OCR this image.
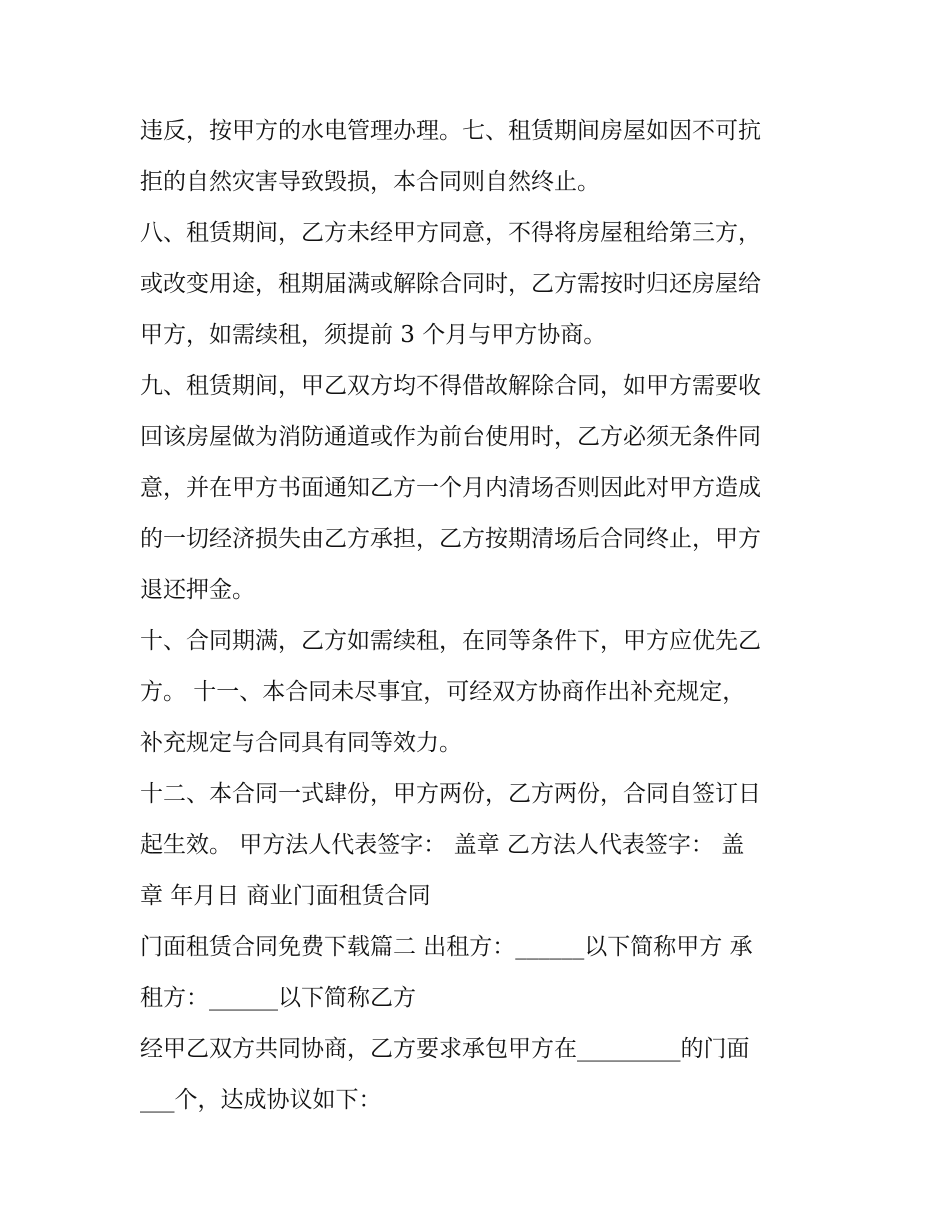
违反，按甲方的水电管理办理。七、租赁期间房屋如因不可抗
拒的自然灾害导致毁损，本合同则自然终止。
八、租赁期间，乙方未经甲方同意，不得将房屋租给第三方，
或改变用途，租期届满或解除合同时，乙方需按时归还房屋给
甲方，如需续租，须提前 3 个月与甲方协商。
九、租赁期间，甲乙双方均不得借故解除合同，如甲方需要收
回该房屋做为消防通道或作为前台使用时，乙方必须无条件同
意，并在甲方书面通知乙方一个月内清场否则因此对甲方造成
的一切经济损失由乙方承担，乙方按期清场后合同终止，甲方
退还押金。
十、合同期满，乙方如需续租，在同等条件下，甲方应优先乙
方。 十一、本合同未尽事宜，可经双方协商作出补充规定，
补充规定与合同具有同等效力。
十二、本合同一式肆份，甲方两份，乙方两份，合同自签订日
起生效。 甲方法人代表签字： 盖章 乙方法人代表签字： 盖
章 年月日 商业门面租赁合同
门面租赁合同免费下载篇二 出租方：______以下简称甲方 承
租方：______以下简称乙方
经甲乙双方共同协商，乙方要求承包甲方在_________的门面
___个，达成协议如下：
